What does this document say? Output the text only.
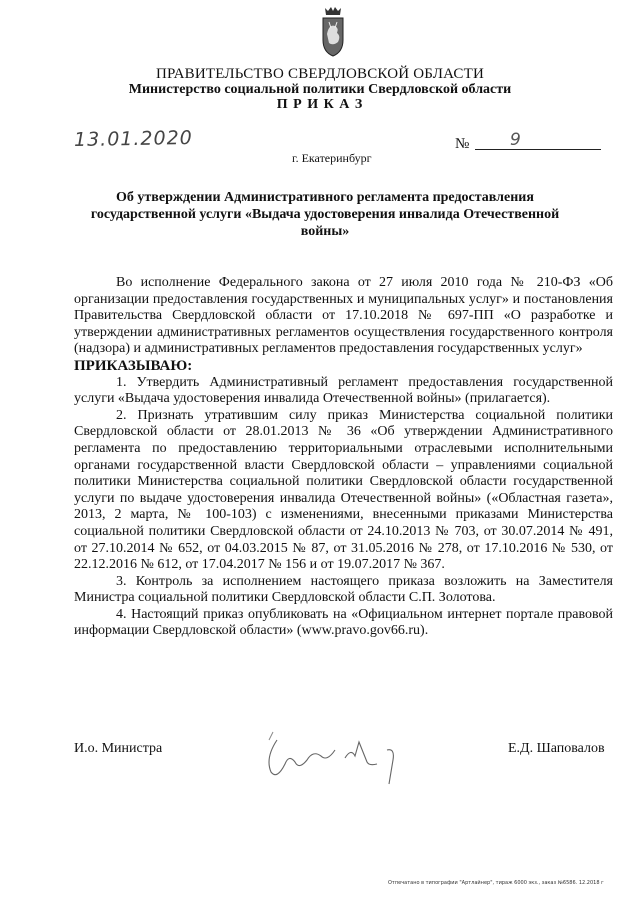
ПРАВИТЕЛЬСТВО СВЕРДЛОВСКОЙ ОБЛАСТИ
Министерство социальной политики Свердловской области
П Р И К А З
13.01.2020	№ 9
г. Екатеринбург
Об утверждении Административного регламента предоставления государственной услуги «Выдача удостоверения инвалида Отечественной войны»

Во исполнение Федерального закона от 27 июля 2010 года № 210-ФЗ «Об организации предоставления государственных и муниципальных услуг» и постановления Правительства Свердловской области от 17.10.2018 № 697-ПП «О разработке и утверждении административных регламентов осуществления государственного контроля (надзора) и административных регламентов предоставления государственных услуг»

ПРИКАЗЫВАЮ:

1. Утвердить Административный регламент предоставления государственной услуги «Выдача удостоверения инвалида Отечественной войны» (прилагается).

2. Признать утратившим силу приказ Министерства социальной политики Свердловской области от 28.01.2013 № 36 «Об утверждении Административного регламента по предоставлению территориальными отраслевыми исполнительными органами государственной власти Свердловской области – управлениями социальной политики Министерства социальной политики Свердловской области государственной услуги по выдаче удостоверения инвалида Отечественной войны» («Областная газета», 2013, 2 марта, № 100-103) с изменениями, внесенными приказами Министерства социальной политики Свердловской области от 24.10.2013 № 703, от 30.07.2014 № 491, от 27.10.2014 № 652, от 04.03.2015 № 87, от 31.05.2016 № 278, от 17.10.2016 № 530, от 22.12.2016 № 612, от 17.04.2017 № 156 и от 19.07.2017 № 367.

3. Контроль за исполнением настоящего приказа возложить на Заместителя Министра социальной политики Свердловской области С.П. Золотова.

4. Настоящий приказ опубликовать на «Официальном интернет портале правовой информации Свердловской области» (www.pravo.gov66.ru).

И.о. Министра	Е.Д. Шаповалов
Отпечатано в типографии "Артлайнер", тираж 6000 экз., заказ №6586. 12.2018 г
